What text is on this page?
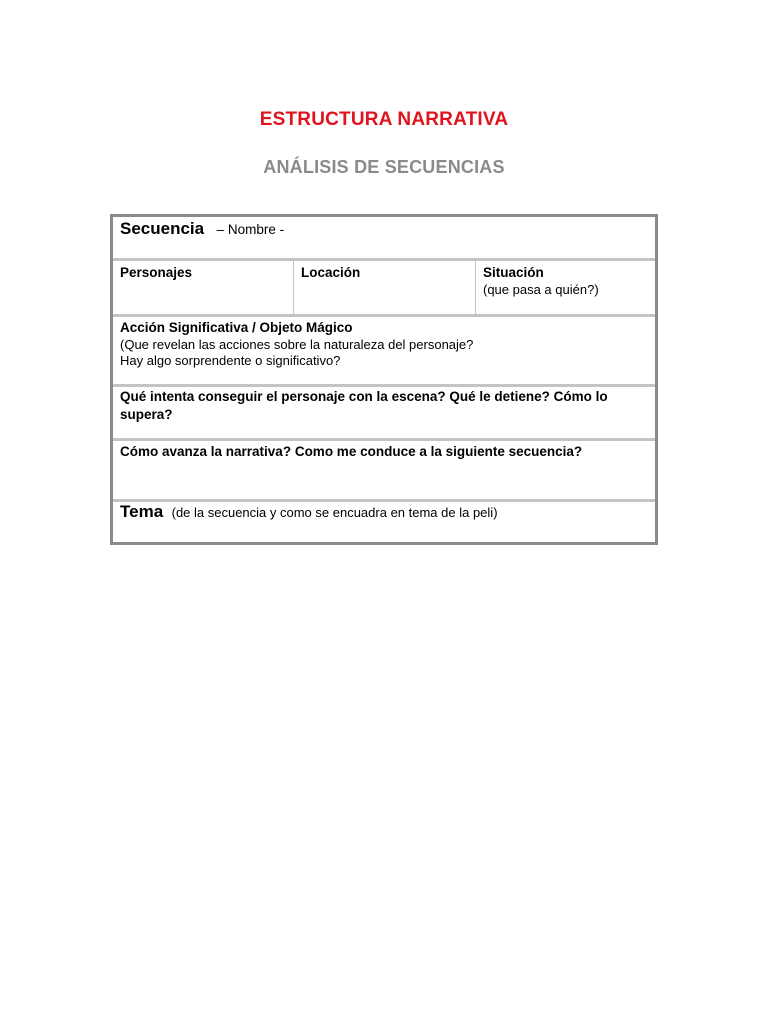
ESTRUCTURA NARRATIVA
ANÁLISIS DE SECUENCIAS
Secuencia – Nombre -
Personajes	Locación	Situación
(que pasa a quién?)
Acción Significativa / Objeto Mágico
(Que revelan las acciones sobre la naturaleza del personaje?
Hay algo sorprendente o significativo?
Qué intenta conseguir el personaje con la escena? Qué le detiene? Cómo lo supera?
Cómo avanza la narrativa? Como me conduce a la siguiente secuencia?
Tema (de la secuencia y como se encuadra en tema de la peli)
